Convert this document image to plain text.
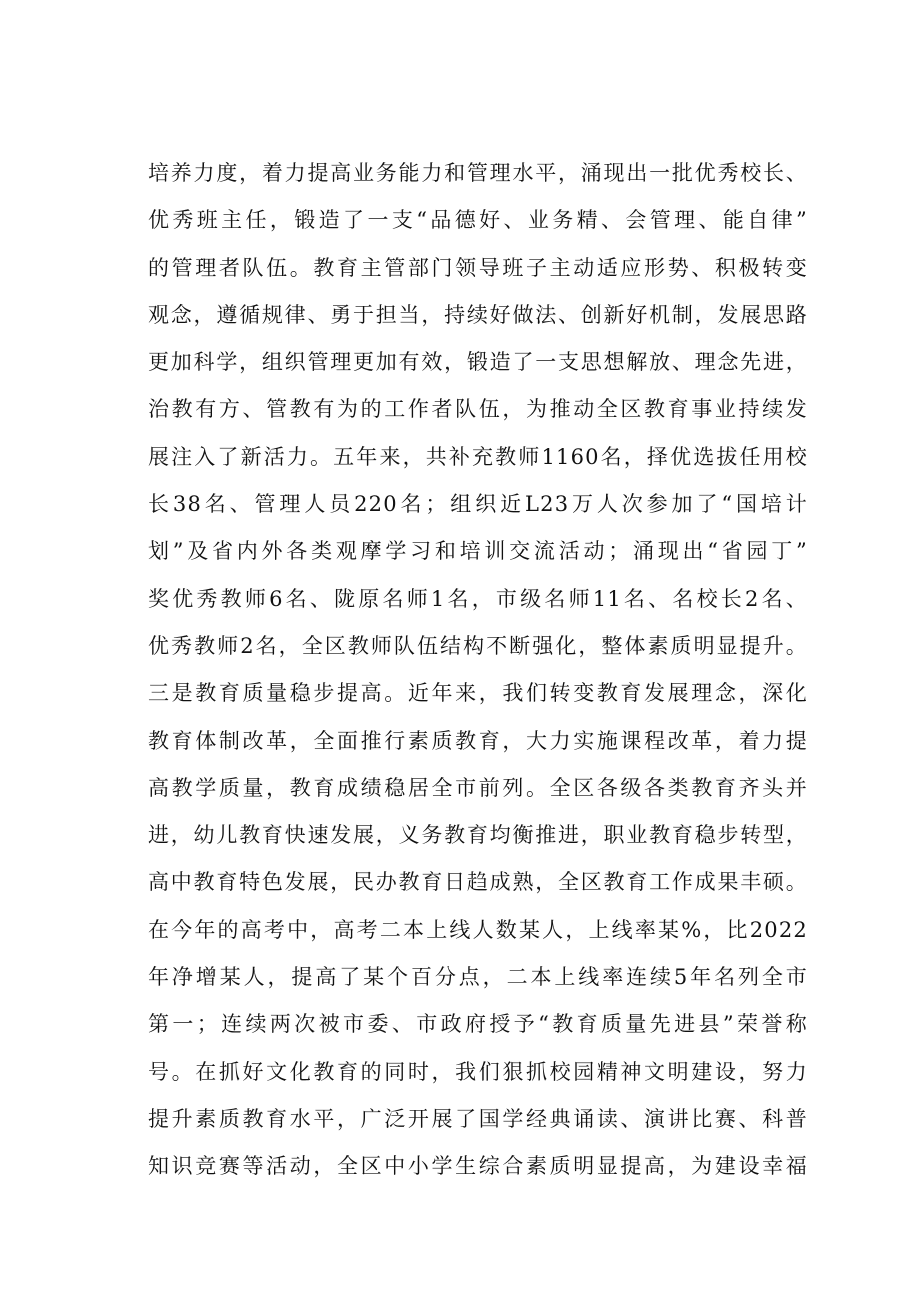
培养力度，着力提高业务能力和管理水平，涌现出一批优秀校长、
优秀班主任，锻造了一支“品德好、业务精、会管理、能自律”
的管理者队伍。教育主管部门领导班子主动适应形势、积极转变
观念，遵循规律、勇于担当，持续好做法、创新好机制，发展思路
更加科学，组织管理更加有效，锻造了一支思想解放、理念先进，
治教有方、管教有为的工作者队伍，为推动全区教育事业持续发
展注入了新活力。五年来，共补充教师1160名，择优选拔任用校
长38名、管理人员220名；组织近L23万人次参加了“国培计
划”及省内外各类观摩学习和培训交流活动；涌现出“省园丁”
奖优秀教师6名、陇原名师1名，市级名师11名、名校长2名、
优秀教师2名，全区教师队伍结构不断强化，整体素质明显提升。
三是教育质量稳步提高。近年来，我们转变教育发展理念，深化
教育体制改革，全面推行素质教育，大力实施课程改革，着力提
高教学质量，教育成绩稳居全市前列。全区各级各类教育齐头并
进，幼儿教育快速发展，义务教育均衡推进，职业教育稳步转型，
高中教育特色发展，民办教育日趋成熟，全区教育工作成果丰硕。
在今年的高考中，高考二本上线人数某人，上线率某%，比2022
年净增某人，提高了某个百分点，二本上线率连续5年名列全市
第一；连续两次被市委、市政府授予“教育质量先进县”荣誉称
号。在抓好文化教育的同时，我们狠抓校园精神文明建设，努力
提升素质教育水平，广泛开展了国学经典诵读、演讲比赛、科普
知识竞赛等活动，全区中小学生综合素质明显提高，为建设幸福
